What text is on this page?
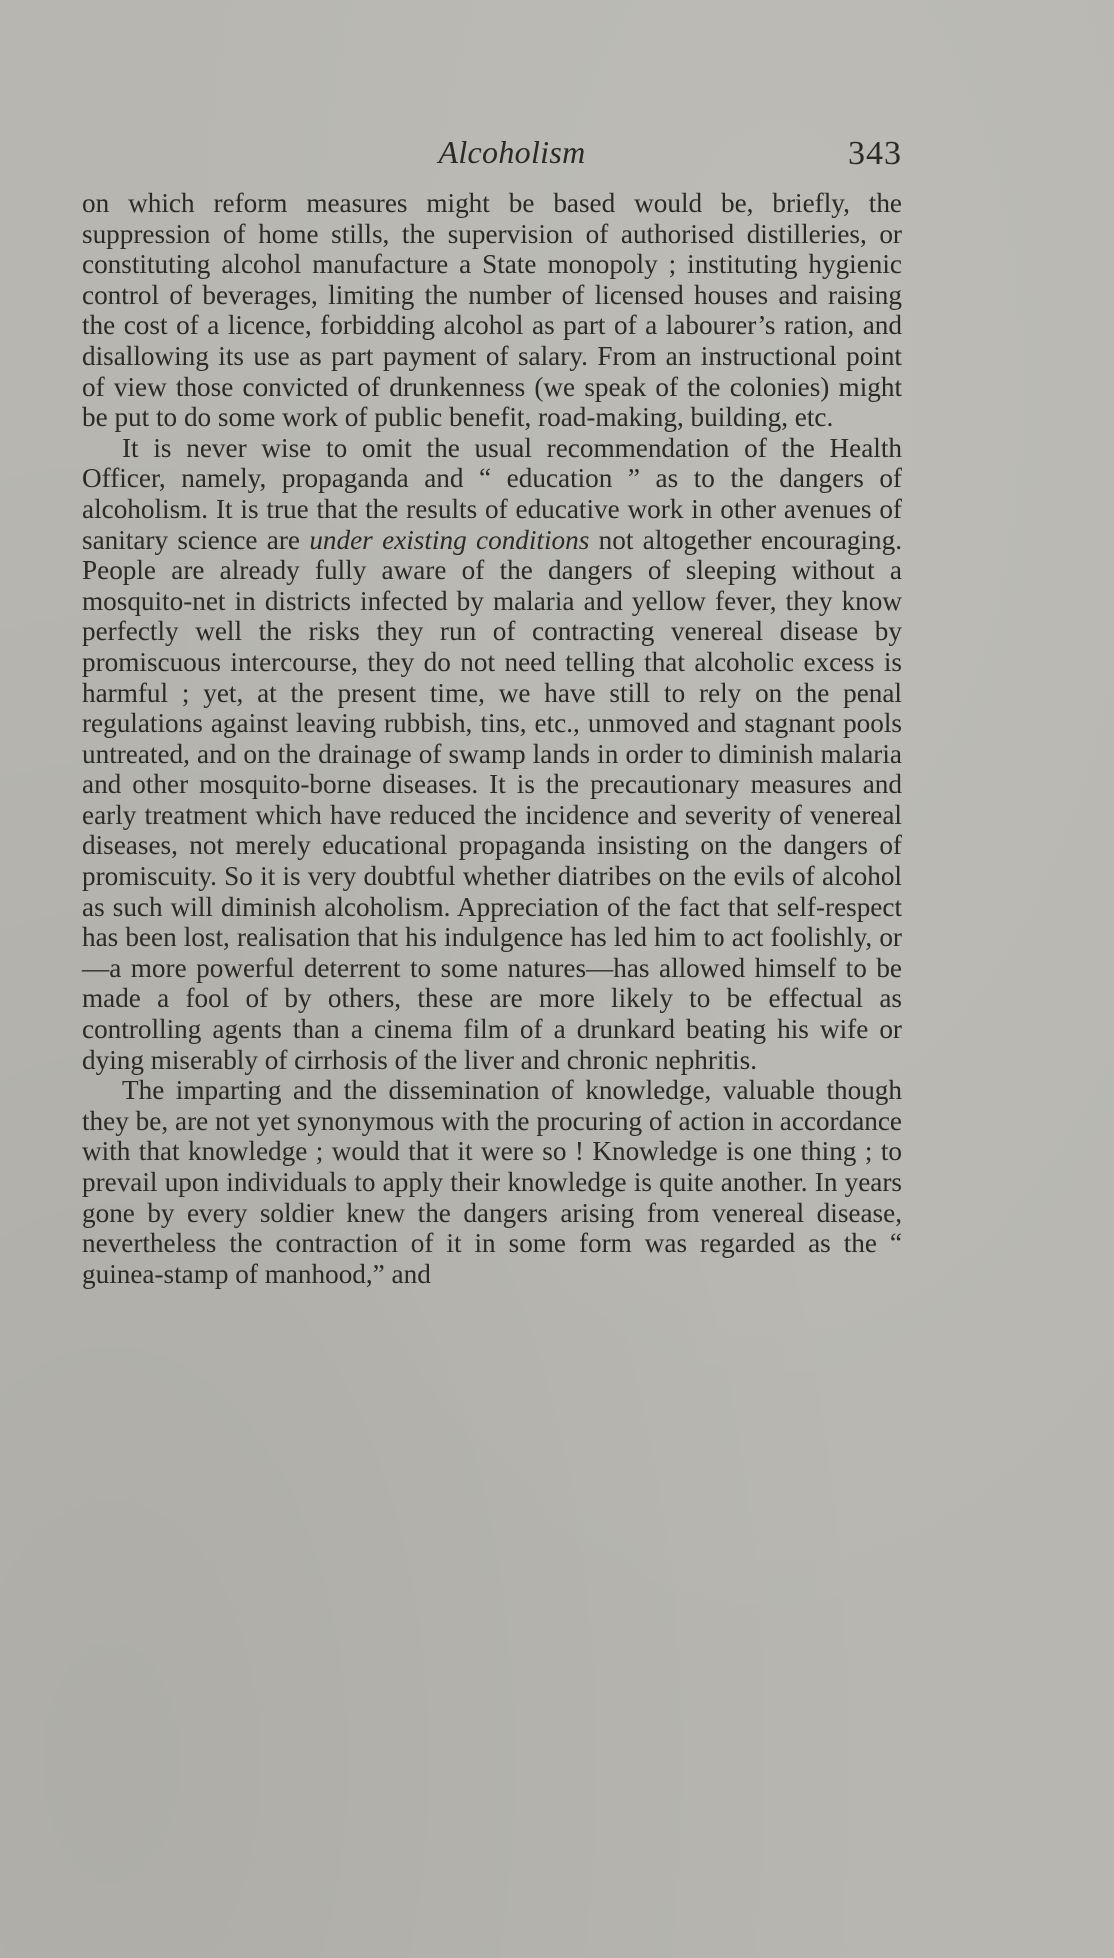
Alcoholism	343

on which reform measures might be based would be, briefly, the suppression of home stills, the supervision of authorised distilleries, or constituting alcohol manufacture a State monopoly ; instituting hygienic control of beverages, limiting the number of licensed houses and raising the cost of a licence, forbidding alcohol as part of a labourer’s ration, and disallowing its use as part payment of salary. From an instructional point of view those convicted of drunkenness (we speak of the colonies) might be put to do some work of public benefit, road-making, building, etc.

It is never wise to omit the usual recommendation of the Health Officer, namely, propaganda and “ education ” as to the dangers of alcoholism. It is true that the results of educative work in other avenues of sanitary science are under existing conditions not altogether encouraging. People are already fully aware of the dangers of sleeping without a mosquito-net in districts infected by malaria and yellow fever, they know perfectly well the risks they run of contracting venereal disease by promiscuous intercourse, they do not need telling that alcoholic excess is harmful ; yet, at the present time, we have still to rely on the penal regulations against leaving rubbish, tins, etc., unmoved and stagnant pools untreated, and on the drainage of swamp lands in order to diminish malaria and other mosquito-borne diseases. It is the precautionary measures and early treatment which have reduced the incidence and severity of venereal diseases, not merely educational propaganda insisting on the dangers of promiscuity. So it is very doubtful whether diatribes on the evils of alcohol as such will diminish alcoholism. Appreciation of the fact that self-respect has been lost, realisation that his indulgence has led him to act foolishly, or—a more powerful deterrent to some natures—has allowed himself to be made a fool of by others, these are more likely to be effectual as controlling agents than a cinema film of a drunkard beating his wife or dying miserably of cirrhosis of the liver and chronic nephritis.

The imparting and the dissemination of knowledge, valuable though they be, are not yet synonymous with the procuring of action in accordance with that knowledge ; would that it were so ! Knowledge is one thing ; to prevail upon individuals to apply their knowledge is quite another. In years gone by every soldier knew the dangers arising from venereal disease, nevertheless the contraction of it in some form was regarded as the “ guinea-stamp of manhood,” and
